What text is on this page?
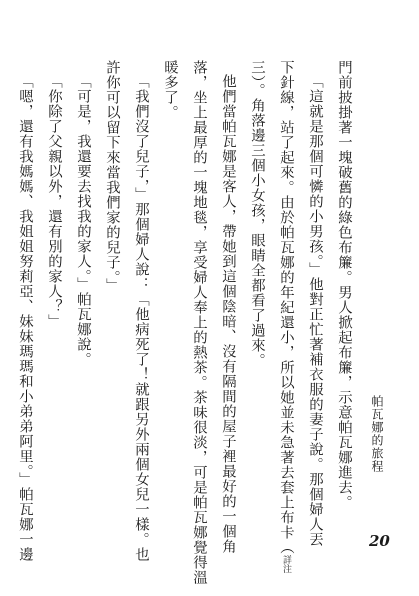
帕瓦娜的旅程
20
門前披掛著一塊破舊的綠色布簾。男人掀起布簾，示意帕瓦娜進去。
「這就是那個可憐的小男孩。」他對正忙著補衣服的妻子說。那個婦人丟
下針線，站了起來。由於帕瓦娜的年紀還小，所以她並未急著去套上布卡（詳注
三）。角落邊三個小女孩，眼睛全都看了過來。
他們當帕瓦娜是客人，帶她到這個陰暗、沒有隔間的屋子裡最好的一個角
落，坐上最厚的一塊地毯，享受婦人奉上的熱茶。茶味很淡，可是帕瓦娜覺得溫
暖多了。
「我們沒了兒子，」那個婦人說：「他病死了！就跟另外兩個女兒一樣。也
許你可以留下來當我們家的兒子。」
「可是，我還要去找我的家人。」帕瓦娜說。
「你除了父親以外，還有別的家人？」
「嗯，還有我媽媽、我姐姐努莉亞、妹妹瑪瑪和小弟弟阿里。」帕瓦娜一邊
